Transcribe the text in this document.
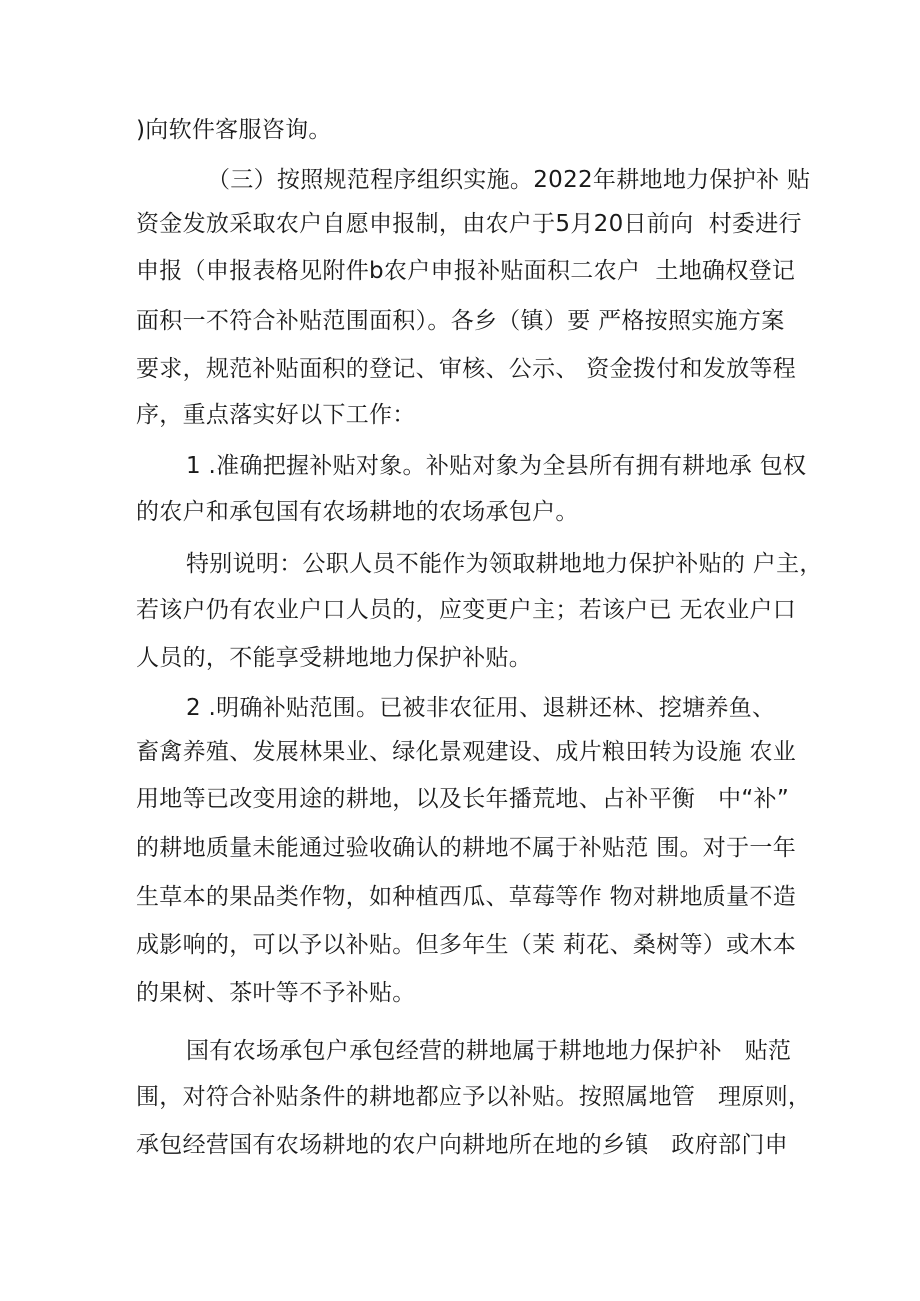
)向软件客服咨询。
（三）按照规范程序组织实施。2022年耕地地力保护补 贴
资金发放采取农户自愿申报制，由农户于5月20日前向  村委进行
申报（申报表格见附件b农户申报补贴面积二农户  土地确权登记
面积一不符合补贴范围面积）。各乡（镇）要 严格按照实施方案
要求，规范补贴面积的登记、审核、公示、 资金拨付和发放等程
序，重点落实好以下工作：
1 .准确把握补贴对象。补贴对象为全县所有拥有耕地承 包权
的农户和承包国有农场耕地的农场承包户。
特别说明：公职人员不能作为领取耕地地力保护补贴的 户主，
若该户仍有农业户口人员的，应变更户主；若该户已 无农业户口
人员的，不能享受耕地地力保护补贴。
2 .明确补贴范围。已被非农征用、退耕还林、挖塘养鱼、
畜禽养殖、发展林果业、绿化景观建设、成片粮田转为设施 农业
用地等已改变用途的耕地，以及长年播荒地、占补平衡   中“补”
的耕地质量未能通过验收确认的耕地不属于补贴范 围。对于一年
生草本的果品类作物，如种植西瓜、草莓等作 物对耕地质量不造
成影响的，可以予以补贴。但多年生（茉 莉花、桑树等）或木本
的果树、茶叶等不予补贴。
国有农场承包户承包经营的耕地属于耕地地力保护补   贴范
围，对符合补贴条件的耕地都应予以补贴。按照属地管   理原则，
承包经营国有农场耕地的农户向耕地所在地的乡镇   政府部门申
